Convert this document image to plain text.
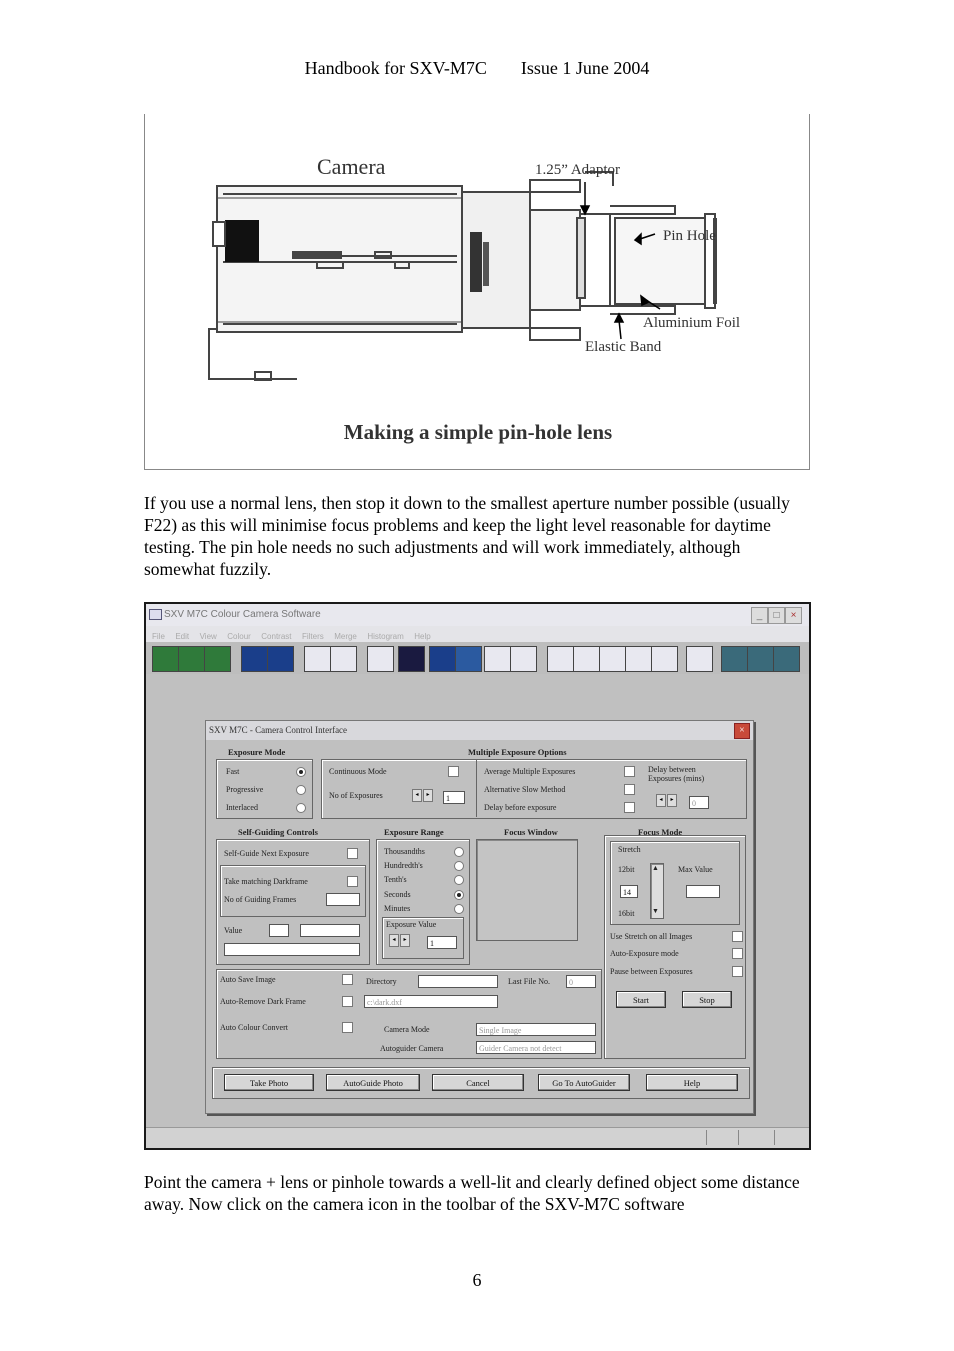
Handbook for SXV-M7C Issue 1 June 2004
Camera	1.25” Adaptor
Pin Hole
Aluminium Foil
Elastic Band
Making a simple pin-hole lens

If you use a normal lens, then stop it down to the smallest aperture number possible (usually F22) as this will minimise focus problems and keep the light level reasonable for daytime testing. The pin hole needs no such adjustments and will work immediately, although somewhat fuzzily.

SXV M7C Colour Camera Software	_	□	×
File Edit View Colour Contrast Filters Merge Histogram Help
SXV M7C - Camera Control Interface	×
Exposure Mode
Fast
Progressive
Interlaced
Multiple Exposure Options
Continuous Mode
No of Exposures	◂	▸	1
Average Multiple Exposures
Alternative Slow Method
Delay before exposure
Delay between Exposures (mins)
◂	▸	0
Self-Guiding Controls
Self-Guide Next Exposure
Take matching Darkframe
No of Guiding Frames
Value
Exposure Range
Thousandths
Hundredth's
Tenth's
Seconds
Minutes
Exposure Value
◂	▸	1
Focus Window	Focus Mode
Stretch
12bit
16bit
14
▲
▼
Max Value
Use Stretch on all Images
Auto-Exposure mode
Pause between Exposures
Start	Stop
Auto Save Image	Directory	Last File No.	0
Auto-Remove Dark Frame	c:\dark.dxf
Auto Colour Convert	Camera Mode	Single Image
Autoguider Camera	Guider Camera not detect
Take Photo	AutoGuide Photo	Cancel	Go To AutoGuider	Help

Point the camera + lens or pinhole towards a well-lit and clearly defined object some distance away. Now click on the camera icon in the toolbar of the SXV-M7C software

6
